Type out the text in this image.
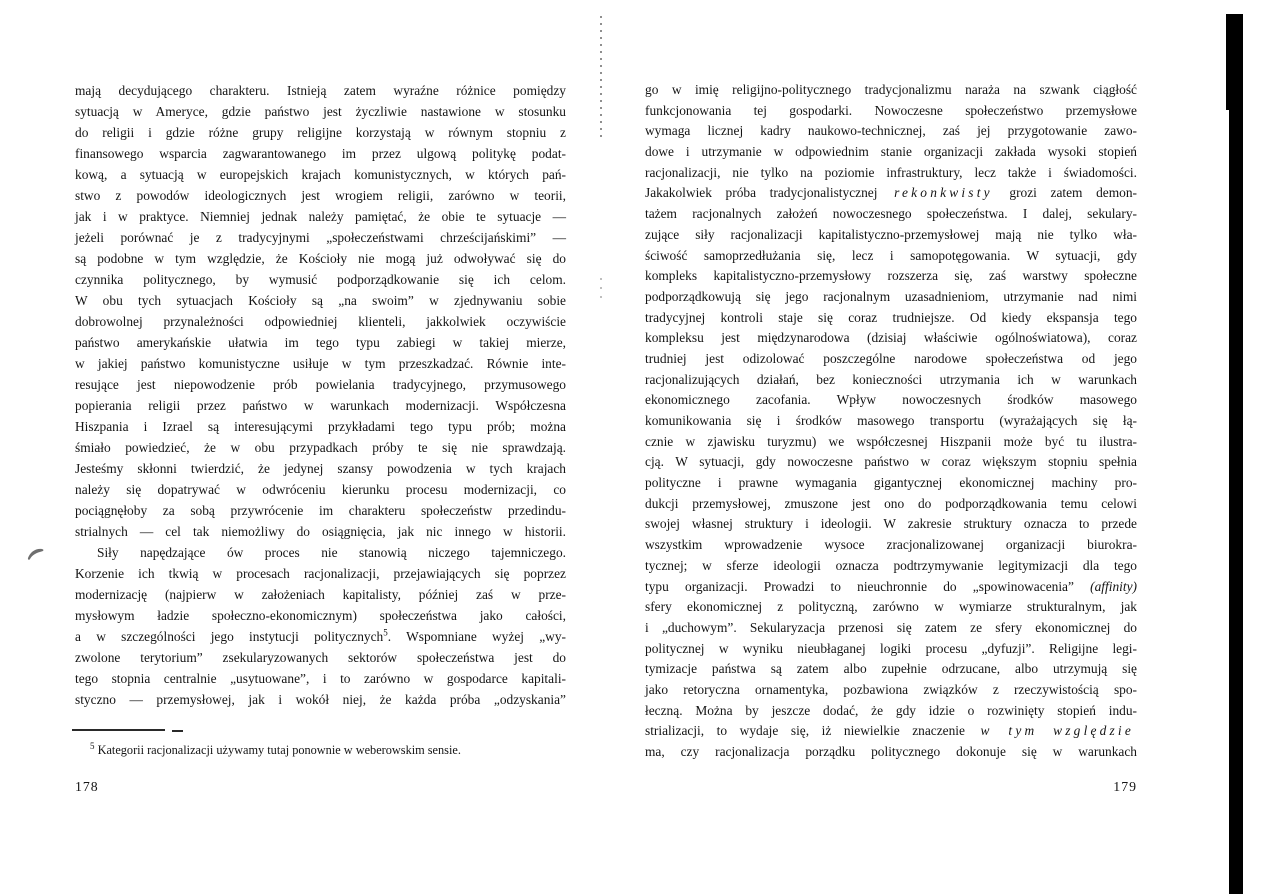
mają decydującego charakteru. Istnieją zatem wyraźne różnice pomiędzy
sytuacją w Ameryce, gdzie państwo jest życzliwie nastawione w stosunku
do religii i gdzie różne grupy religijne korzystają w równym stopniu z
finansowego wsparcia zagwarantowanego im przez ulgową politykę podat-
kową, a sytuacją w europejskich krajach komunistycznych, w których pań-
stwo z powodów ideologicznych jest wrogiem religii, zarówno w teorii,
jak i w praktyce. Niemniej jednak należy pamiętać, że obie te sytuacje —
jeżeli porównać je z tradycyjnymi „społeczeństwami chrześcijańskimi” —
są podobne w tym względzie, że Kościoły nie mogą już odwoływać się do
czynnika politycznego, by wymusić podporządkowanie się ich celom.
W obu tych sytuacjach Kościoły są „na swoim” w zjednywaniu sobie
dobrowolnej przynależności odpowiedniej klienteli, jakkolwiek oczywiście
państwo amerykańskie ułatwia im tego typu zabiegi w takiej mierze,
w jakiej państwo komunistyczne usiłuje w tym przeszkadzać. Równie inte-
resujące jest niepowodzenie prób powielania tradycyjnego, przymusowego
popierania religii przez państwo w warunkach modernizacji. Współczesna
Hiszpania i Izrael są interesującymi przykładami tego typu prób; można
śmiało powiedzieć, że w obu przypadkach próby te się nie sprawdzają.
Jesteśmy skłonni twierdzić, że jedynej szansy powodzenia w tych krajach
należy się dopatrywać w odwróceniu kierunku procesu modernizacji, co
pociągnęłoby za sobą przywrócenie im charakteru społeczeństw przedindu-
strialnych — cel tak niemożliwy do osiągnięcia, jak nic innego w historii.
Siły napędzające ów proces nie stanowią niczego tajemniczego.
Korzenie ich tkwią w procesach racjonalizacji, przejawiających się poprzez
modernizację (najpierw w założeniach kapitalisty, później zaś w prze-
mysłowym ładzie społeczno-ekonomicznym) społeczeństwa jako całości,
a w szczególności jego instytucji politycznych$^5$. Wspomniane wyżej „wy-
zwolone terytorium” zsekularyzowanych sektorów społeczeństwa jest do
tego stopnia centralnie „usytuowane”, i to zarówno w gospodarce kapitali-
styczno — przemysłowej, jak i wokół niej, że każda próba „odzyskania”
$^5$ Kategorii racjonalizacji używamy tutaj ponownie w weberowskim sensie.
178
go w imię religijno-politycznego tradycjonalizmu naraża na szwank ciągłość
funkcjonowania tej gospodarki. Nowoczesne społeczeństwo przemysłowe
wymaga licznej kadry naukowo-technicznej, zaś jej przygotowanie zawo-
dowe i utrzymanie w odpowiednim stanie organizacji zakłada wysoki stopień
racjonalizacji, nie tylko na poziomie infrastruktury, lecz także i świadomości.
Jakakolwiek próba tradycjonalistycznej rekonkwisty grozi zatem demon-
tażem racjonalnych założeń nowoczesnego społeczeństwa. I dalej, sekulary-
zujące siły racjonalizacji kapitalistyczno-przemysłowej mają nie tylko wła-
ściwość samoprzedłużania się, lecz i samopotęgowania. W sytuacji, gdy
kompleks kapitalistyczno-przemysłowy rozszerza się, zaś warstwy społeczne
podporządkowują się jego racjonalnym uzasadnieniom, utrzymanie nad nimi
tradycyjnej kontroli staje się coraz trudniejsze. Od kiedy ekspansja tego
kompleksu jest międzynarodowa (dzisiaj właściwie ogólnoświatowa), coraz
trudniej jest odizolować poszczególne narodowe społeczeństwa od jego
racjonalizujących działań, bez konieczności utrzymania ich w warunkach
ekonomicznego zacofania. Wpływ nowoczesnych środków masowego
komunikowania się i środków masowego transportu (wyrażających się łą-
cznie w zjawisku turyzmu) we współczesnej Hiszpanii może być tu ilustra-
cją. W sytuacji, gdy nowoczesne państwo w coraz większym stopniu spełnia
polityczne i prawne wymagania gigantycznej ekonomicznej machiny pro-
dukcji przemysłowej, zmuszone jest ono do podporządkowania temu celowi
swojej własnej struktury i ideologii. W zakresie struktury oznacza to przede
wszystkim wprowadzenie wysoce zracjonalizowanej organizacji biurokra-
tycznej; w sferze ideologii oznacza podtrzymywanie legitymizacji dla tego
typu organizacji. Prowadzi to nieuchronnie do „spowinowacenia” (affinity)
sfery ekonomicznej z polityczną, zarówno w wymiarze strukturalnym, jak
i „duchowym”. Sekularyzacja przenosi się zatem ze sfery ekonomicznej do
politycznej w wyniku nieubłaganej logiki procesu „dyfuzji”. Religijne legi-
tymizacje państwa są zatem albo zupełnie odrzucane, albo utrzymują się
jako retoryczna ornamentyka, pozbawiona związków z rzeczywistością spo-
łeczną. Można by jeszcze dodać, że gdy idzie o rozwinięty stopień indu-
strializacji, to wydaje się, iż niewielkie znaczenie w tym względzie
ma, czy racjonalizacja porządku politycznego dokonuje się w warunkach
179
